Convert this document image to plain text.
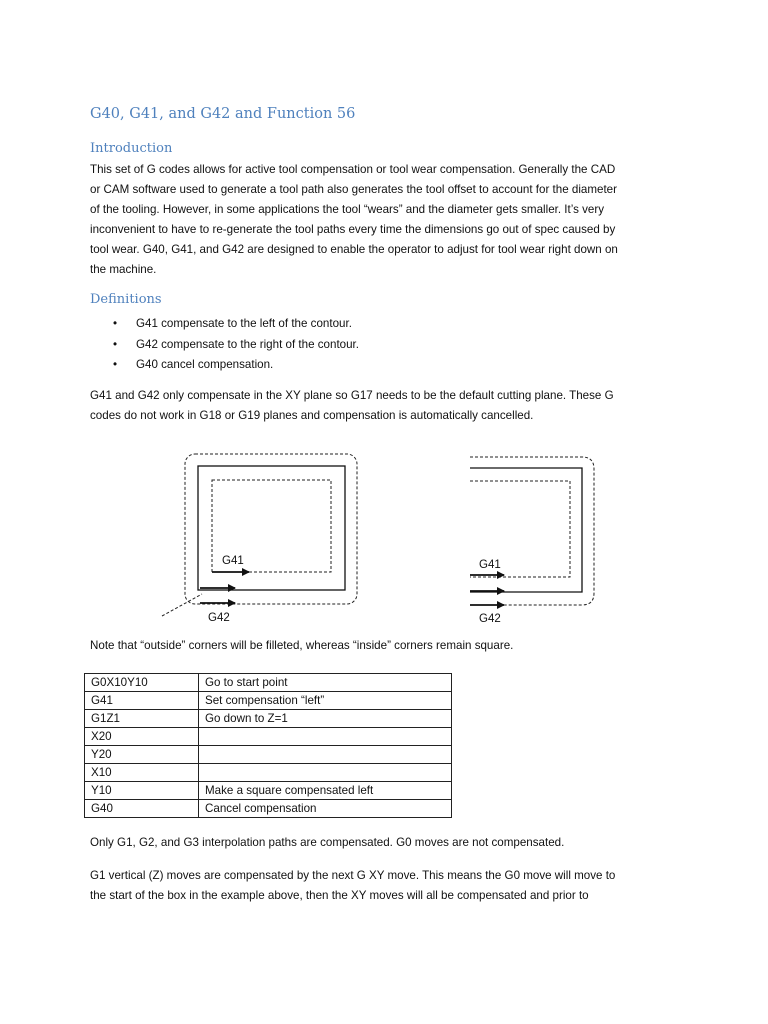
G40, G41, and G42 and Function 56
Introduction
This set of G codes allows for active tool compensation or tool wear compensation. Generally the CAD
or CAM software used to generate a tool path also generates the tool offset to account for the diameter
of the tooling. However, in some applications the tool “wears” and the diameter gets smaller. It’s very
inconvenient to have to re-generate the tool paths every time the dimensions go out of spec caused by
tool wear. G40, G41, and G42 are designed to enable the operator to adjust for tool wear right down on
the machine.
Definitions
• G41 compensate to the left of the contour.
• G42 compensate to the right of the contour.
• G40 cancel compensation.
G41 and G42 only compensate in the XY plane so G17 needs to be the default cutting plane. These G
codes do not work in G18 or G19 planes and compensation is automatically cancelled.
G41
G42
G41
G42
Note that “outside” corners will be filleted, whereas “inside” corners remain square.
G0X10Y10	Go to start point
G41	Set compensation “left”
G1Z1	Go down to Z=1
X20	
Y20	
X10	
Y10	Make a square compensated left
G40	Cancel compensation
Only G1, G2, and G3 interpolation paths are compensated. G0 moves are not compensated.
G1 vertical (Z) moves are compensated by the next G XY move. This means the G0 move will move to
the start of the box in the example above, then the XY moves will all be compensated and prior to
